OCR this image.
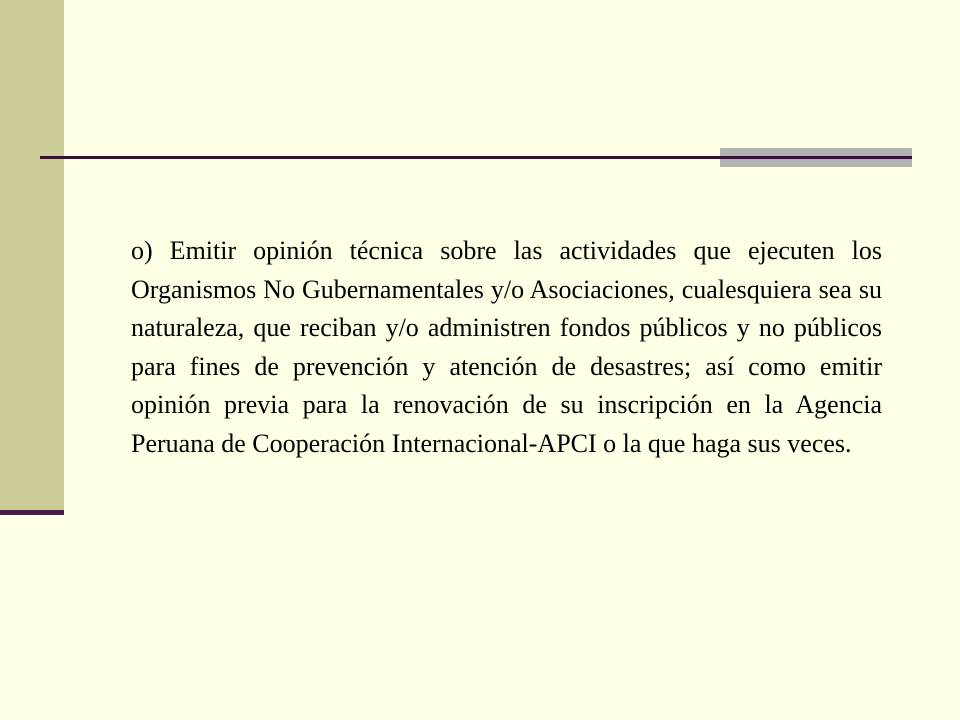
o) Emitir opinión técnica sobre las actividades que ejecuten los Organismos No Gubernamentales y/o Asociaciones, cualesquiera sea su naturaleza, que reciban y/o administren fondos públicos y no públicos para fines de prevención y atención de desastres; así como emitir opinión previa para la renovación de su inscripción en la Agencia Peruana de Cooperación Internacional-APCI o la que haga sus veces.
